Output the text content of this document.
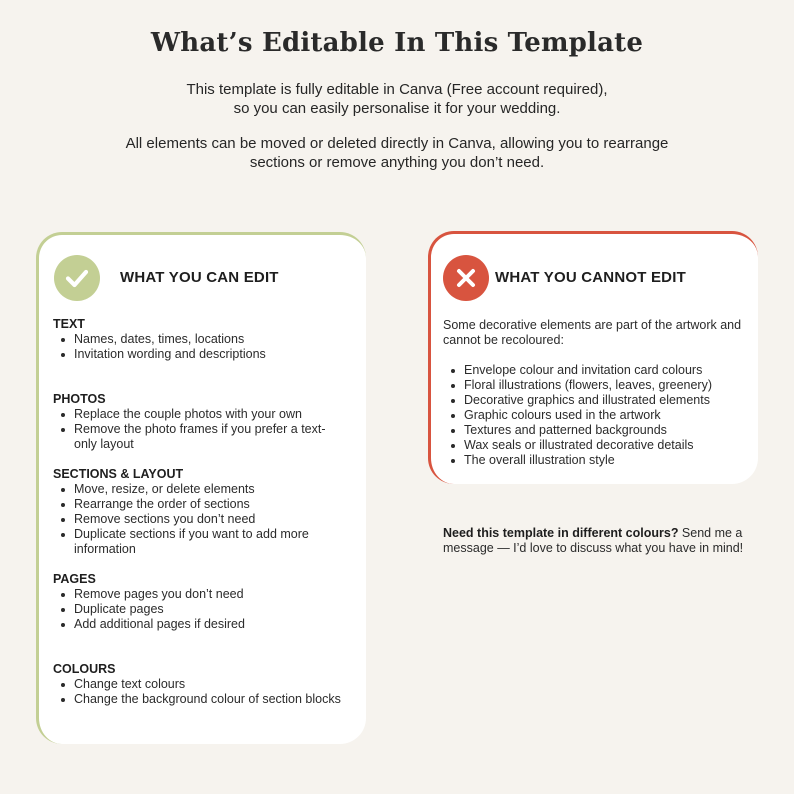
What’s Editable In This Template

This template is fully editable in Canva (Free account required),

so you can easily personalise it for your wedding.

All elements can be moved or deleted directly in Canva, allowing you to rearrange

sections or remove anything you don’t need.

WHAT YOU CAN EDIT
TEXT
Names, dates, times, locations
Invitation wording and descriptions
PHOTOS
Replace the couple photos with your own
Remove the photo frames if you prefer a text-only layout
SECTIONS & LAYOUT
Move, resize, or delete elements
Rearrange the order of sections
Remove sections you don’t need
Duplicate sections if you want to add more information
PAGES
Remove pages you don’t need
Duplicate pages
Add additional pages if desired
COLOURS
Change text colours
Change the background colour of section blocks
WHAT YOU CANNOT EDIT

Some decorative elements are part of the artwork and cannot be recoloured:

Envelope colour and invitation card colours
Floral illustrations (flowers, leaves, greenery)
Decorative graphics and illustrated elements
Graphic colours used in the artwork
Textures and patterned backgrounds
Wax seals or illustrated decorative details
The overall illustration style
Need this template in different colours? Send me a message — I’d love to discuss what you have in mind!
